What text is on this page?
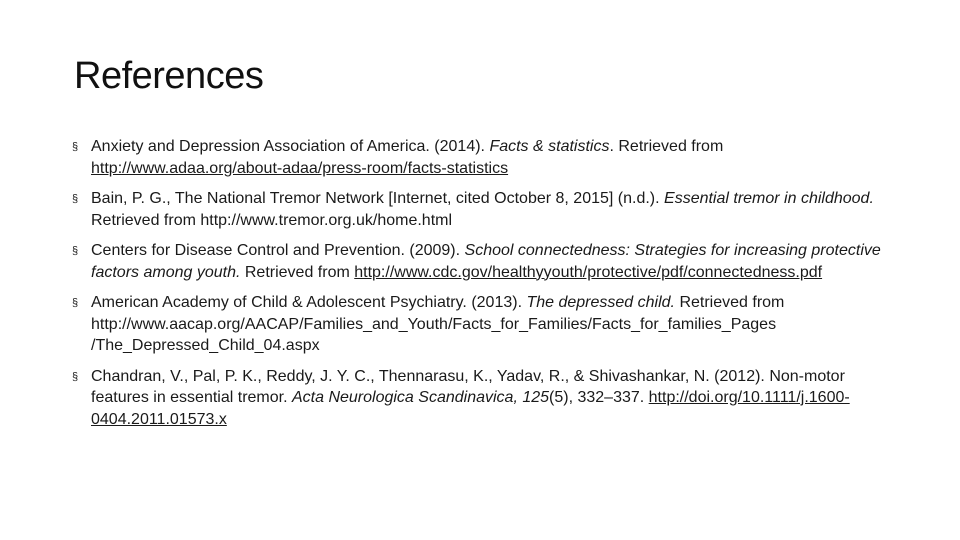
References
§ Anxiety and Depression Association of America. (2014). Facts & statistics. Retrieved from http://www.adaa.org/about-adaa/press-room/facts-statistics
§ Bain, P. G., The National Tremor Network [Internet, cited October 8, 2015] (n.d.). Essential tremor in childhood. Retrieved from http://www.tremor.org.uk/home.html
§ Centers for Disease Control and Prevention. (2009). School connectedness: Strategies for increasing protective factors among youth. Retrieved from http://www.cdc.gov/healthyyouth/protective/pdf/connectedness.pdf
§ American Academy of Child & Adolescent Psychiatry. (2013). The depressed child. Retrieved from http://www.aacap.org/AACAP/Families_and_Youth/Facts_for_Families/Facts_for_families_Pages /The_Depressed_Child_04.aspx
§ Chandran, V., Pal, P. K., Reddy, J. Y. C., Thennarasu, K., Yadav, R., & Shivashankar, N. (2012). Non-motor features in essential tremor. Acta Neurologica Scandinavica, 125(5), 332–337. http://doi.org/10.1111/j.1600-0404.2011.01573.x
